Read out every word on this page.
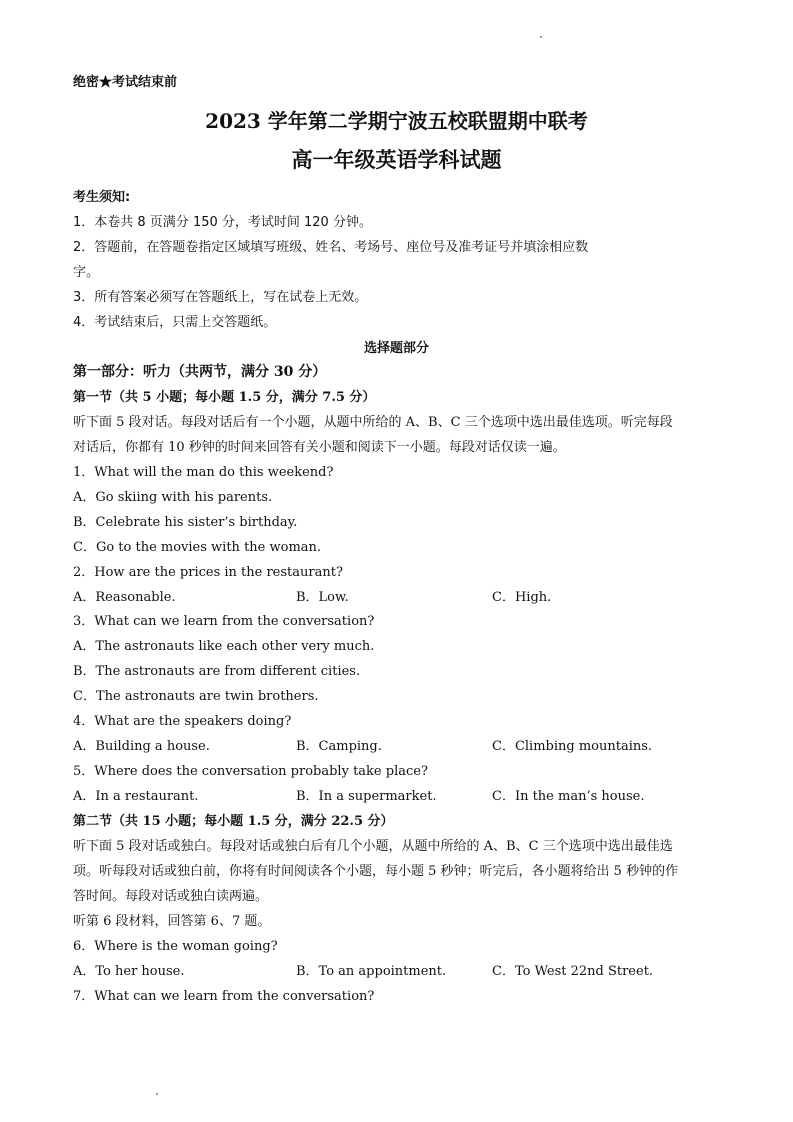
绝密★考试结束前
2023 学年第二学期宁波五校联盟期中联考
高一年级英语学科试题
考生须知:
1．本卷共 8 页满分 150 分，考试时间 120 分钟。
2．答题前，在答题卷指定区域填写班级、姓名、考场号、座位号及准考证号并填涂相应数
字。
3．所有答案必须写在答题纸上，写在试卷上无效。
4．考试结束后，只需上交答题纸。
选择题部分
第一部分：听力（共两节，满分 30 分）
第一节（共 5 小题；每小题 1.5 分，满分 7.5 分）
听下面 5 段对话。每段对话后有一个小题，从题中所给的 A、B、C 三个选项中选出最佳选项。听完每段
对话后，你都有 10 秒钟的时间来回答有关小题和阅读下一小题。每段对话仅读一遍。
1．What will the man do this weekend?
A．Go skiing with his parents.
B．Celebrate his sister’s birthday.
C．Go to the movies with the woman.
2．How are the prices in the restaurant?
A．Reasonable.	B．Low.	C．High.
3．What can we learn from the conversation?
A．The astronauts like each other very much.
B．The astronauts are from different cities.
C．The astronauts are twin brothers.
4．What are the speakers doing?
A．Building a house.	B．Camping.	C．Climbing mountains.
5．Where does the conversation probably take place?
A．In a restaurant.	B．In a supermarket.	C．In the man’s house.
第二节（共 15 小题；每小题 1.5 分，满分 22.5 分）
听下面 5 段对话或独白。每段对话或独白后有几个小题，从题中所给的 A、B、C 三个选项中选出最佳选
项。听每段对话或独白前，你将有时间阅读各个小题，每小题 5 秒钟；听完后，各小题将给出 5 秒钟的作
答时间。每段对话或独白读两遍。
听第 6 段材料，回答第 6、7 题。
6．Where is the woman going?
A．To her house.	B．To an appointment.	C．To West 22nd Street.
7．What can we learn from the conversation?
